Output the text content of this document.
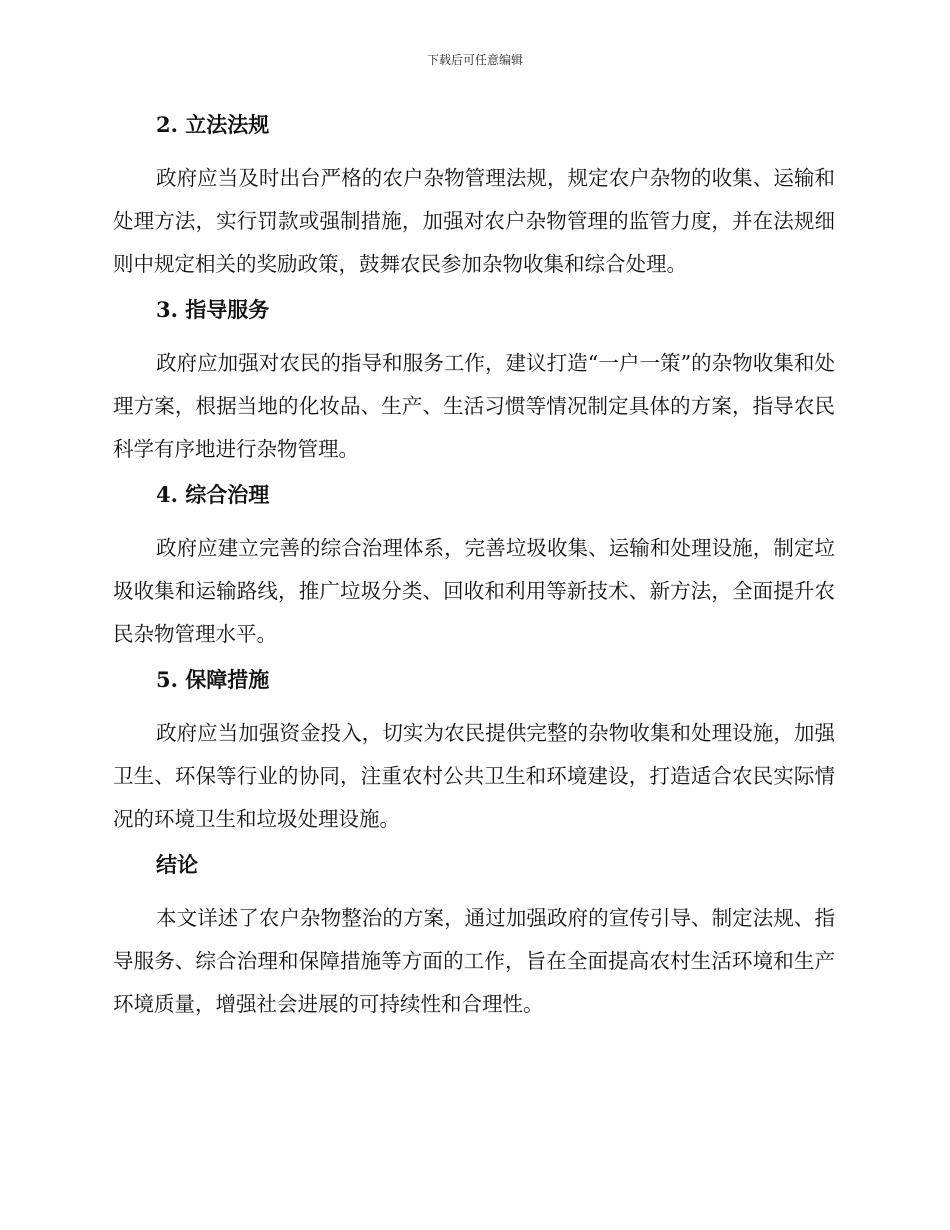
下载后可任意编辑
2. 立法法规

政府应当及时出台严格的农户杂物管理法规，规定农户杂物的收集、运输和处理方法，实行罚款或强制措施，加强对农户杂物管理的监管力度，并在法规细则中规定相关的奖励政策，鼓舞农民参加杂物收集和综合处理。

3. 指导服务

政府应加强对农民的指导和服务工作，建议打造“一户一策”的杂物收集和处理方案，根据当地的化妆品、生产、生活习惯等情况制定具体的方案，指导农民科学有序地进行杂物管理。

4. 综合治理

政府应建立完善的综合治理体系，完善垃圾收集、运输和处理设施，制定垃圾收集和运输路线，推广垃圾分类、回收和利用等新技术、新方法，全面提升农民杂物管理水平。

5. 保障措施

政府应当加强资金投入，切实为农民提供完整的杂物收集和处理设施，加强卫生、环保等行业的协同，注重农村公共卫生和环境建设，打造适合农民实际情况的环境卫生和垃圾处理设施。

结论

本文详述了农户杂物整治的方案，通过加强政府的宣传引导、制定法规、指导服务、综合治理和保障措施等方面的工作，旨在全面提高农村生活环境和生产环境质量，增强社会进展的可持续性和合理性。
